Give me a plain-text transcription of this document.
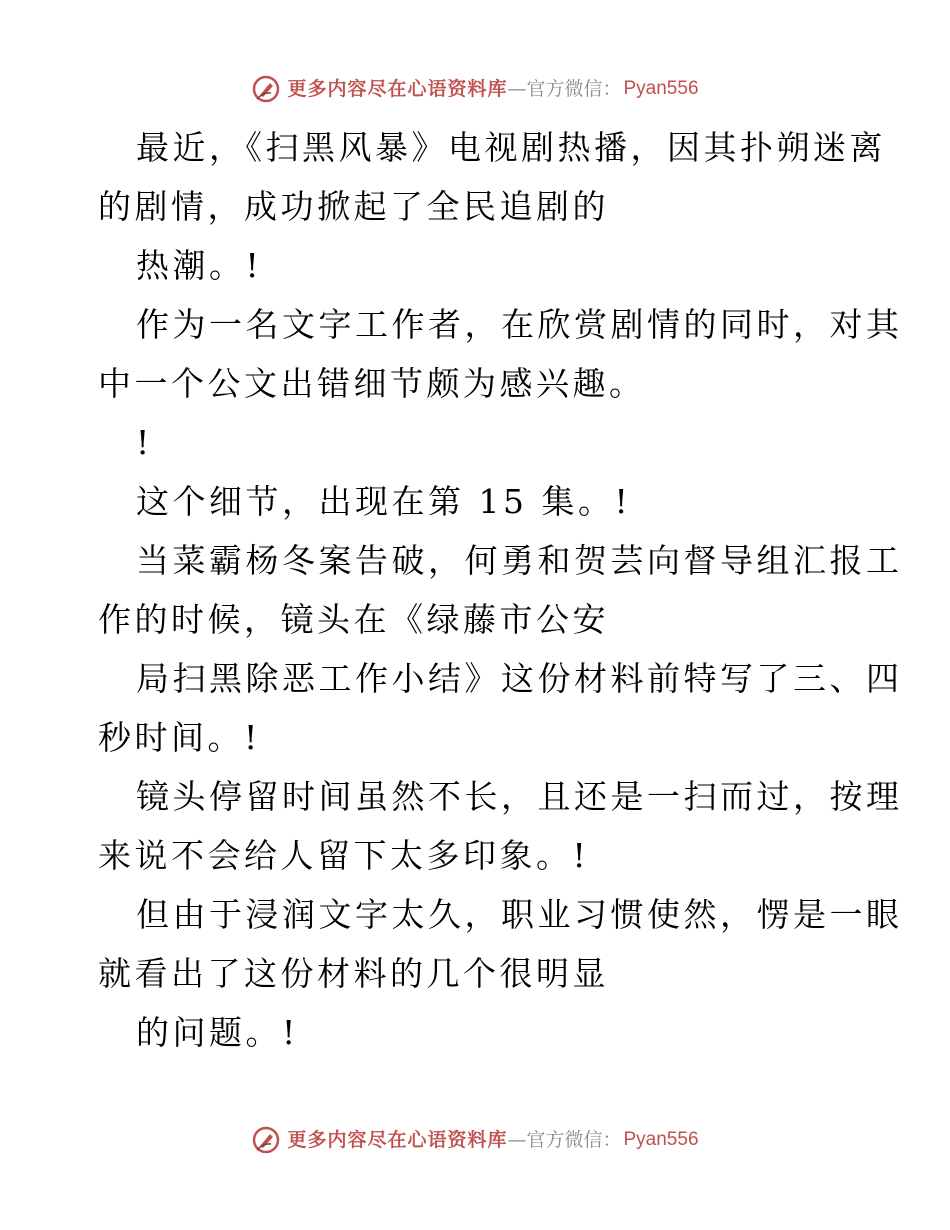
更多内容尽在心语资料库 —官方微信： Pyan556
最近，《扫黑风暴》电视剧热播，因其扑朔迷离
的剧情，成功掀起了全民追剧的
热潮。!
作为一名文字工作者，在欣赏剧情的同时，对其
中一个公文出错细节颇为感兴趣。
!
这个细节，出现在第 15 集。!
当菜霸杨冬案告破，何勇和贺芸向督导组汇报工
作的时候，镜头在《绿藤市公安
局扫黑除恶工作小结》这份材料前特写了三、四
秒时间。!
镜头停留时间虽然不长，且还是一扫而过，按理
来说不会给人留下太多印象。!
但由于浸润文字太久，职业习惯使然，愣是一眼
就看出了这份材料的几个很明显
的问题。!
更多内容尽在心语资料库 —官方微信： Pyan556
